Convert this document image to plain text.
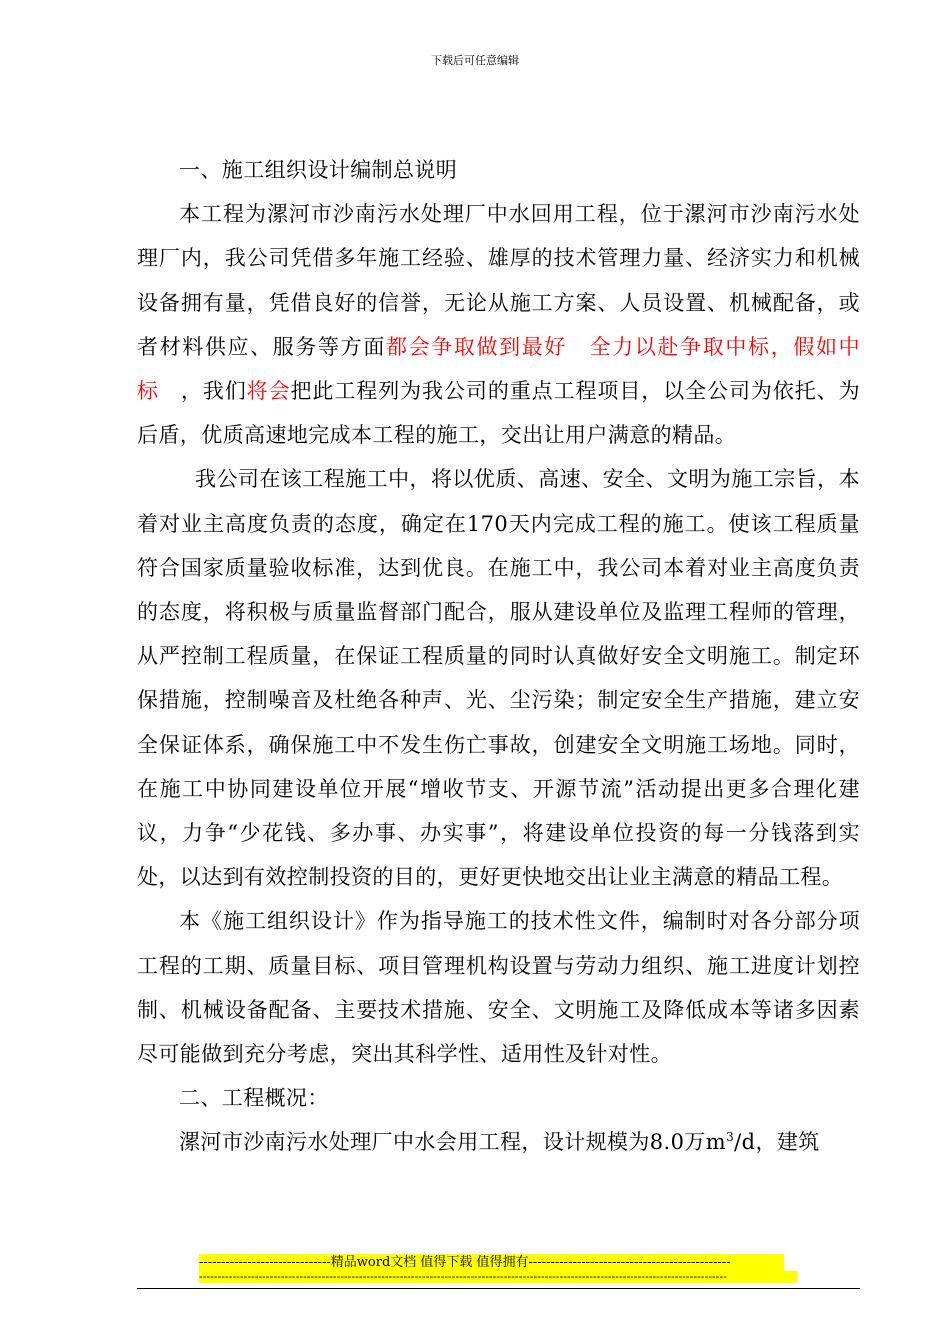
下载后可任意编辑

一、施工组织设计编制总说明

本工程为漯河市沙南污水处理厂中水回用工程，位于漯河市沙南污水处理厂内，我公司凭借多年施工经验、雄厚的技术管理力量、经济实力和机械设备拥有量，凭借良好的信誉，无论从施工方案、人员设置、机械配备，或者材料供应、服务等方面都会争取做到最好　全力以赴争取中标，假如中标　，我们将会把此工程列为我公司的重点工程项目，以全公司为依托、为后盾，优质高速地完成本工程的施工，交出让用户满意的精品。

我公司在该工程施工中，将以优质、高速、安全、文明为施工宗旨，本着对业主高度负责的态度，确定在170天内完成工程的施工。使该工程质量符合国家质量验收标准，达到优良。在施工中，我公司本着对业主高度负责的态度，将积极与质量监督部门配合，服从建设单位及监理工程师的管理，从严控制工程质量，在保证工程质量的同时认真做好安全文明施工。制定环保措施，控制噪音及杜绝各种声、光、尘污染；制定安全生产措施，建立安全保证体系，确保施工中不发生伤亡事故，创建安全文明施工场地。同时，在施工中协同建设单位开展“增收节支、开源节流”活动提出更多合理化建议，力争“少花钱、多办事、办实事”，将建设单位投资的每一分钱落到实处，以达到有效控制投资的目的，更好更快地交出让业主满意的精品工程。

本《施工组织设计》作为指导施工的技术性文件，编制时对各分部分项工程的工期、质量目标、项目管理机构设置与劳动力组织、施工进度计划控制、机械设备配备、主要技术措施、安全、文明施工及降低成本等诸多因素尽可能做到充分考虑，突出其科学性、适用性及针对性。

二、工程概况：

漯河市沙南污水处理厂中水会用工程，设计规模为8.0万$m^3/d$，建筑

------------------------------精品word文档 值得下载 值得拥有----------------------------------------------
----------------------------------------------------------------------------------------------------------------------------------------------
